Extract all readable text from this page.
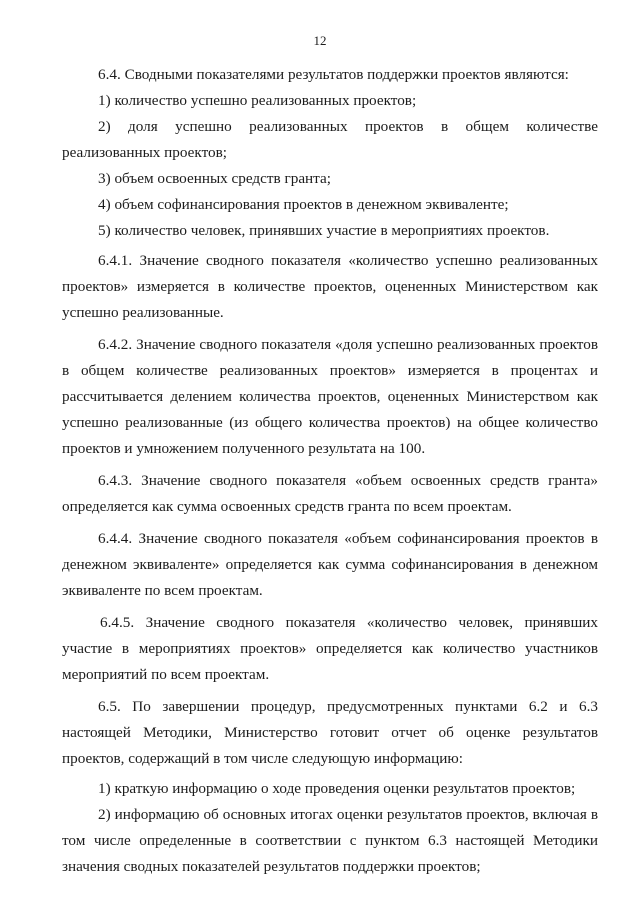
12

6.4. Сводными показателями результатов поддержки проектов являются:

1) количество успешно реализованных проектов;

2) доля успешно реализованных проектов в общем количестве реализованных проектов;

3) объем освоенных средств гранта;

4) объем софинансирования проектов в денежном эквиваленте;

5) количество человек, принявших участие в мероприятиях проектов.

6.4.1. Значение сводного показателя «количество успешно реализованных проектов» измеряется в количестве проектов, оцененных Министерством как успешно реализованные.

6.4.2. Значение сводного показателя «доля успешно реализованных проектов в общем количестве реализованных проектов» измеряется в процентах и рассчитывается делением количества проектов, оцененных Министерством как успешно реализованные (из общего количества проектов) на общее количество проектов и умножением полученного результата на 100.

6.4.3. Значение сводного показателя «объем освоенных средств гранта» определяется как сумма освоенных средств гранта по всем проектам.

6.4.4. Значение сводного показателя «объем софинансирования проектов в денежном эквиваленте» определяется как сумма софинансирования в денежном эквиваленте по всем проектам.

6.4.5. Значение сводного показателя «количество человек, принявших участие в мероприятиях проектов» определяется как количество участников мероприятий по всем проектам.

6.5. По завершении процедур, предусмотренных пунктами 6.2 и 6.3 настоящей Методики, Министерство готовит отчет об оценке результатов проектов, содержащий в том числе следующую информацию:

1) краткую информацию о ходе проведения оценки результатов проектов;

2) информацию об основных итогах оценки результатов проектов, включая в том числе определенные в соответствии с пунктом 6.3 настоящей Методики значения сводных показателей результатов поддержки проектов;
